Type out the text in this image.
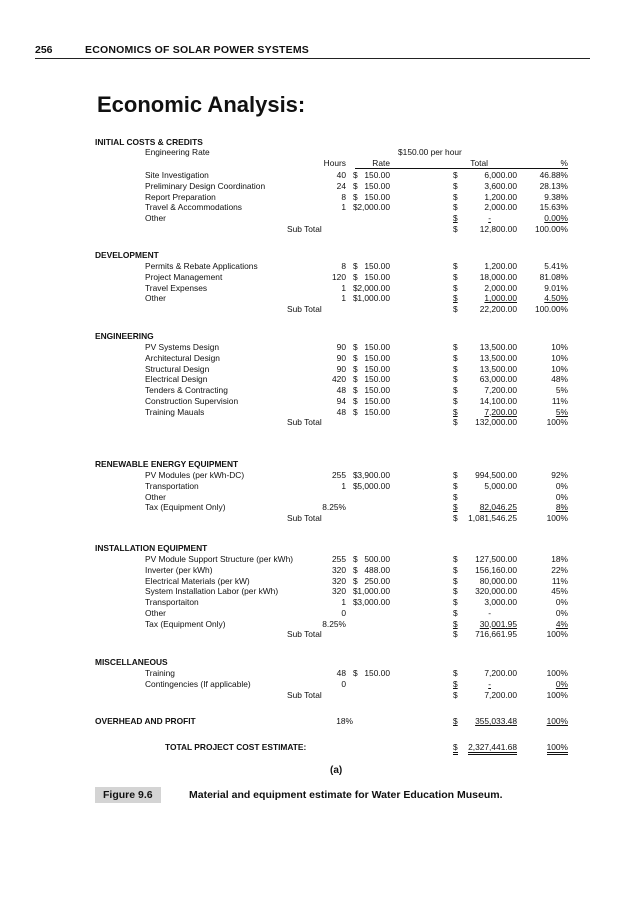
256	ECONOMICS OF SOLAR POWER SYSTEMS
Economic Analysis:
Engineering Rate	$150.00 per hour
Hours	Rate	Total	%
INITIAL COSTS & CREDITS
Site Investigation	40 $ 150.00	$	6,000.00	46.88%
Preliminary Design Coordination	24 $ 150.00	$	3,600.00	28.13%
Report Preparation	8 $ 150.00	$	1,200.00	9.38%
Travel & Accommodations	1 $ 2,000.00	$	2,000.00	15.63%
Other	$	-	0.00%
Sub Total	$	12,800.00 100.00%
DEVELOPMENT
Permits & Rebate Applications	8 $ 150.00	$	1,200.00	5.41%
Project Management	120 $ 150.00	$	18,000.00	81.08%
Travel Expenses	1 $ 2,000.00	$	2,000.00	9.01%
Other	1 $ 1,000.00	$	1,000.00	4.50%
Sub Total	$	22,200.00 100.00%
ENGINEERING
PV Systems Design	90 $ 150.00	$	13,500.00	10%
Architectural Design	90 $ 150.00	$	13,500.00	10%
Structural Design	90 $ 150.00	$	13,500.00	10%
Electrical Design	420 $ 150.00	$	63,000.00	48%
Tenders & Contracting	48 $ 150.00	$	7,200.00	5%
Construction Supervision	94 $ 150.00	$	14,100.00	11%
Training Mauals	48 $ 150.00	$	7,200.00	5%
Sub Total	$ 132,000.00	100%
RENEWABLE ENERGY EQUIPMENT
PV Modules (per kWh-DC)	255 $ 3,900.00	$ 994,500.00	92%
Transportation	1 $ 5,000.00	$	5,000.00	0%
Other	$	0%
Tax (Equipment Only)	8.25%	$	82,046.25	8%
Sub Total	$ 1,081,546.25	100%
INSTALLATION EQUIPMENT
PV Module Support Structure (per kWh)	255 $ 500.00	$ 127,500.00	18%
Inverter (per kWh)	320 $ 488.00	$ 156,160.00	22%
Electrical Materials (per kW)	320 $ 250.00	$	80,000.00	11%
System Installation Labor (per kWh)	320 $ 1,000.00	$ 320,000.00	45%
Transportaiton	1 $ 3,000.00	$	3,000.00	0%
Other	0	$	-	0%
Tax (Equipment Only)	8.25%	$	30,001.95	4%
Sub Total	$ 716,661.95	100%
MISCELLANEOUS
Training	48 $ 150.00	$	7,200.00	100%
Contingencies (If applicable)	0	$	-	0%
Sub Total	$	7,200.00	100%
OVERHEAD AND PROFIT	18%	$ 355,033.48	100%
TOTAL PROJECT COST ESTIMATE:	$ 2,327,441.68	100%
(a)
Figure 9.6	Material and equipment estimate for Water Education Museum.
